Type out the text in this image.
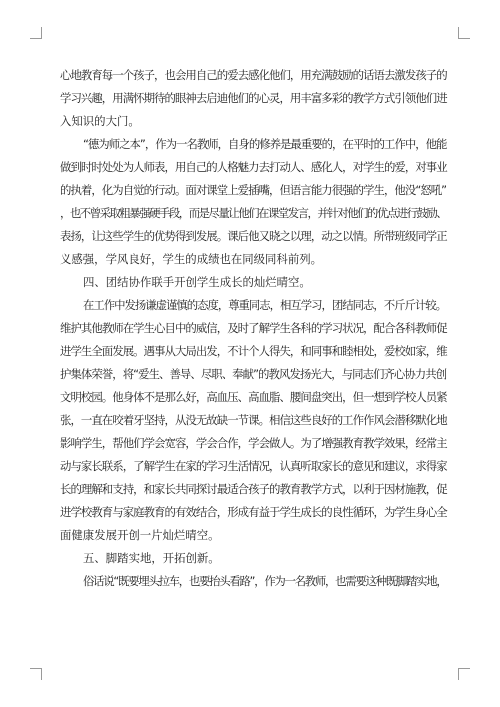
心地教育每一个孩子，也会用自己的爱去感化他们，用充满鼓励的话语去激发孩子的
学习兴趣，用满怀期待的眼神去启迪他们的心灵，用丰富多彩的教学方式引领他们进
入知识的大门。
“德为师之本”，作为一名教师，自身的修养是最重要的，在平时的工作中，他能
做到时时处处为人师表，用自己的人格魅力去打动人、感化人，对学生的爱，对事业
的执着，化为自觉的行动。面对课堂上爱插嘴，但语言能力很强的学生，他没“怒吼”
，也不曾采取粗暴强硬手段，而是尽量让他们在课堂发言，并针对他们的优点进行鼓励、
表扬，让这些学生的优势得到发展。课后他又晓之以理，动之以情。所带班级同学正
义感强，学风良好，学生的成绩也在同级同科前列。
四、团结协作联手开创学生成长的灿烂晴空。
在工作中发扬谦虚谨慎的态度，尊重同志，相互学习，团结同志，不斤斤计较。
维护其他教师在学生心目中的威信，及时了解学生各科的学习状况，配合各科教师促
进学生全面发展。遇事从大局出发，不计个人得失，和同事和睦相处，爱校如家，维
护集体荣誉，将“爱生、善导、尽职、奉献”的教风发扬光大，与同志们齐心协力共创
文明校园。他身体不是那么好，高血压、高血脂、腰间盘突出，但一想到学校人员紧
张，一直在咬着牙坚持，从没无故缺一节课。相信这些良好的工作作风会潜移默化地
影响学生，帮他们学会宽容，学会合作，学会做人。为了增强教育教学效果，经常主
动与家长联系，了解学生在家的学习生活情况，认真听取家长的意见和建议，求得家
长的理解和支持，和家长共同探讨最适合孩子的教育教学方式，以利于因材施教，促
进学校教育与家庭教育的有效结合，形成有益于学生成长的良性循环，为学生身心全
面健康发展开创一片灿烂晴空。
五、脚踏实地，开拓创新。
俗话说“既要埋头拉车，也要抬头看路”，作为一名教师，也需要这种既脚踏实地，
